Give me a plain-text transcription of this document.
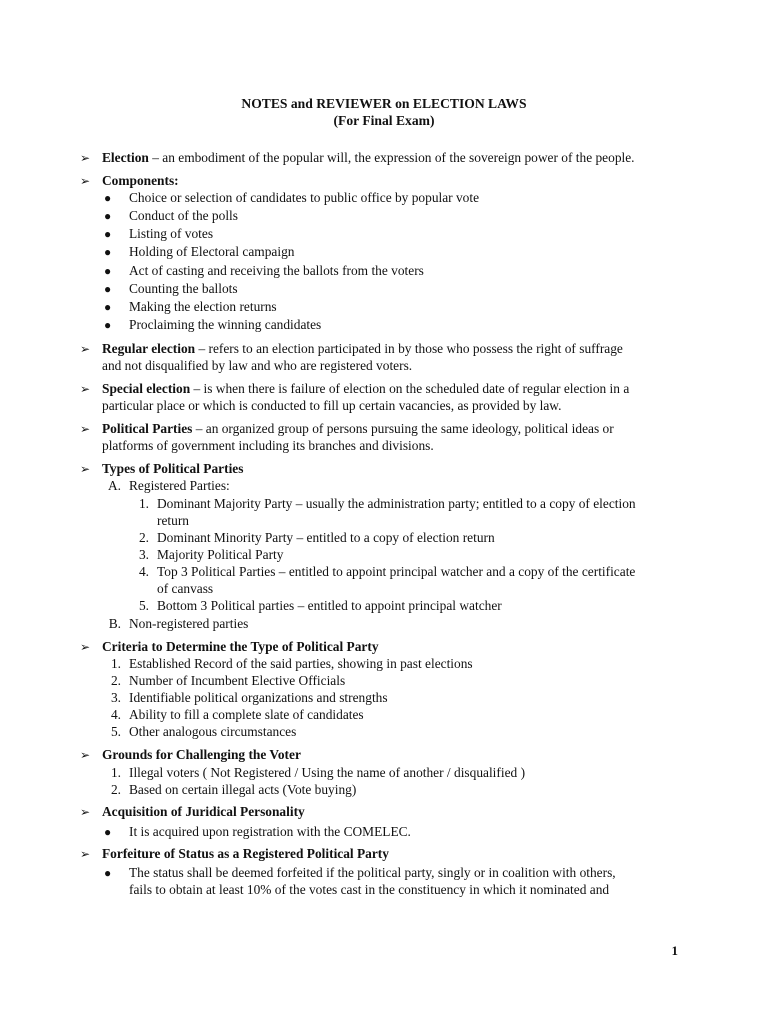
NOTES and REVIEWER on ELECTION LAWS
(For Final Exam)
➢ Election – an embodiment of the popular will, the expression of the sovereign power of the people.
➢ Components:
● Choice or selection of candidates to public office by popular vote
● Conduct of the polls
● Listing of votes
● Holding of Electoral campaign
● Act of casting and receiving the ballots from the voters
● Counting the ballots
● Making the election returns
● Proclaiming the winning candidates
➢ Regular election – refers to an election participated in by those who possess the right of suffrage
and not disqualified by law and who are registered voters.
➢ Special election – is when there is failure of election on the scheduled date of regular election in a
particular place or which is conducted to fill up certain vacancies, as provided by law.
➢ Political Parties – an organized group of persons pursuing the same ideology, political ideas or
platforms of government including its branches and divisions.
➢ Types of Political Parties
A. Registered Parties:
1. Dominant Majority Party – usually the administration party; entitled to a copy of election
return
2. Dominant Minority Party – entitled to a copy of election return
3. Majority Political Party
4. Top 3 Political Parties – entitled to appoint principal watcher and a copy of the certificate
of canvass
5. Bottom 3 Political parties – entitled to appoint principal watcher
B. Non-registered parties
➢ Criteria to Determine the Type of Political Party
1. Established Record of the said parties, showing in past elections
2. Number of Incumbent Elective Officials
3. Identifiable political organizations and strengths
4. Ability to fill a complete slate of candidates
5. Other analogous circumstances
➢ Grounds for Challenging the Voter
1. Illegal voters ( Not Registered / Using the name of another / disqualified )
2. Based on certain illegal acts (Vote buying)
➢ Acquisition of Juridical Personality
● It is acquired upon registration with the COMELEC.
➢ Forfeiture of Status as a Registered Political Party
● The status shall be deemed forfeited if the political party, singly or in coalition with others,
fails to obtain at least 10% of the votes cast in the constituency in which it nominated and
1
